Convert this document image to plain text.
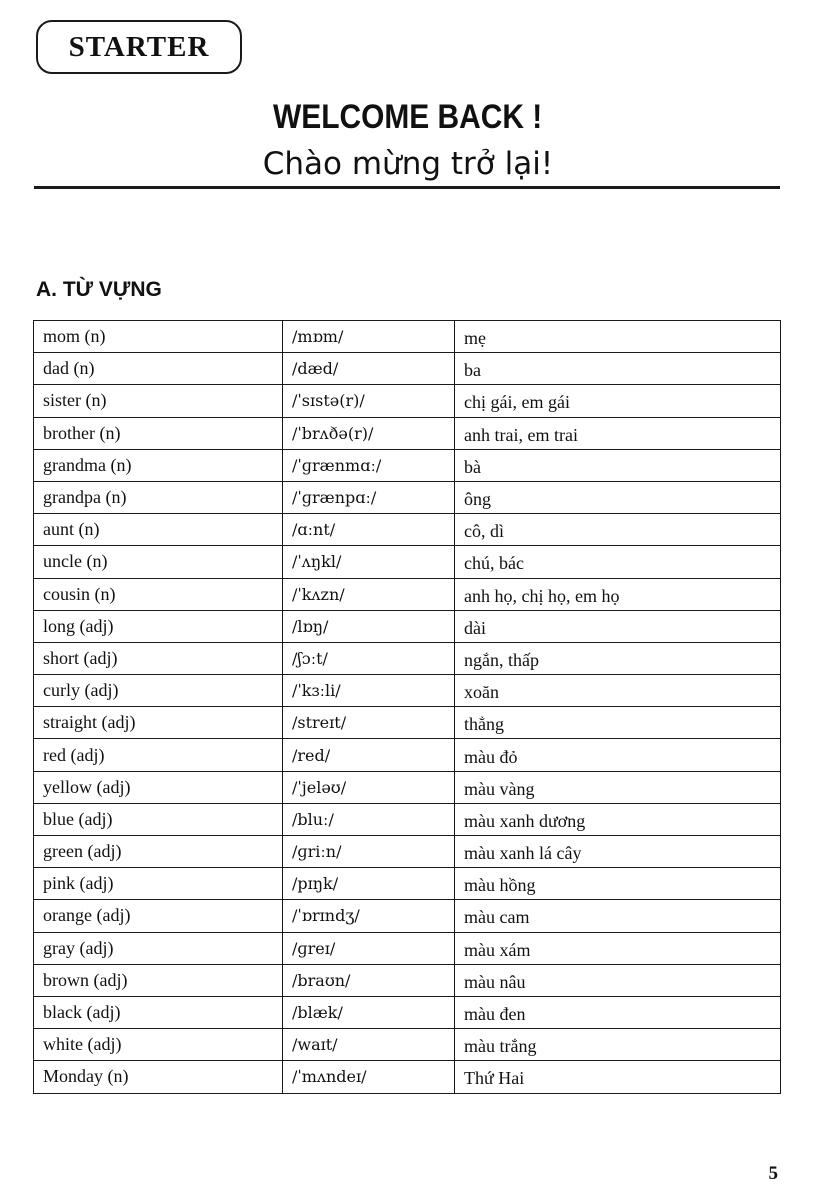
STARTER
WELCOME BACK !
Chào mừng trở lại!
A. TỪ VỰNG
mom (n)	/mɒm/	mẹ
dad (n)	/dæd/	ba
sister (n)	/ˈsɪstə(r)/	chị gái, em gái
brother (n)	/ˈbrʌðə(r)/	anh trai, em trai
grandma (n)	/ˈɡrænmɑː/	bà
grandpa (n)	/ˈɡrænpɑː/	ông
aunt (n)	/ɑːnt/	cô, dì
uncle (n)	/ˈʌŋkl/	chú, bác
cousin (n)	/ˈkʌzn/	anh họ, chị họ, em họ
long (adj)	/lɒŋ/	dài
short (adj)	/ʃɔːt/	ngắn, thấp
curly (adj)	/ˈkɜːli/	xoăn
straight (adj)	/streɪt/	thẳng
red (adj)	/red/	màu đỏ
yellow (adj)	/ˈjeləʊ/	màu vàng
blue (adj)	/bluː/	màu xanh dương
green (adj)	/ɡriːn/	màu xanh lá cây
pink (adj)	/pɪŋk/	màu hồng
orange (adj)	/ˈɒrɪndʒ/	màu cam
gray (adj)	/ɡreɪ/	màu xám
brown (adj)	/braʊn/	màu nâu
black (adj)	/blæk/	màu đen
white (adj)	/waɪt/	màu trắng
Monday (n)	/ˈmʌndeɪ/	Thứ Hai
5
